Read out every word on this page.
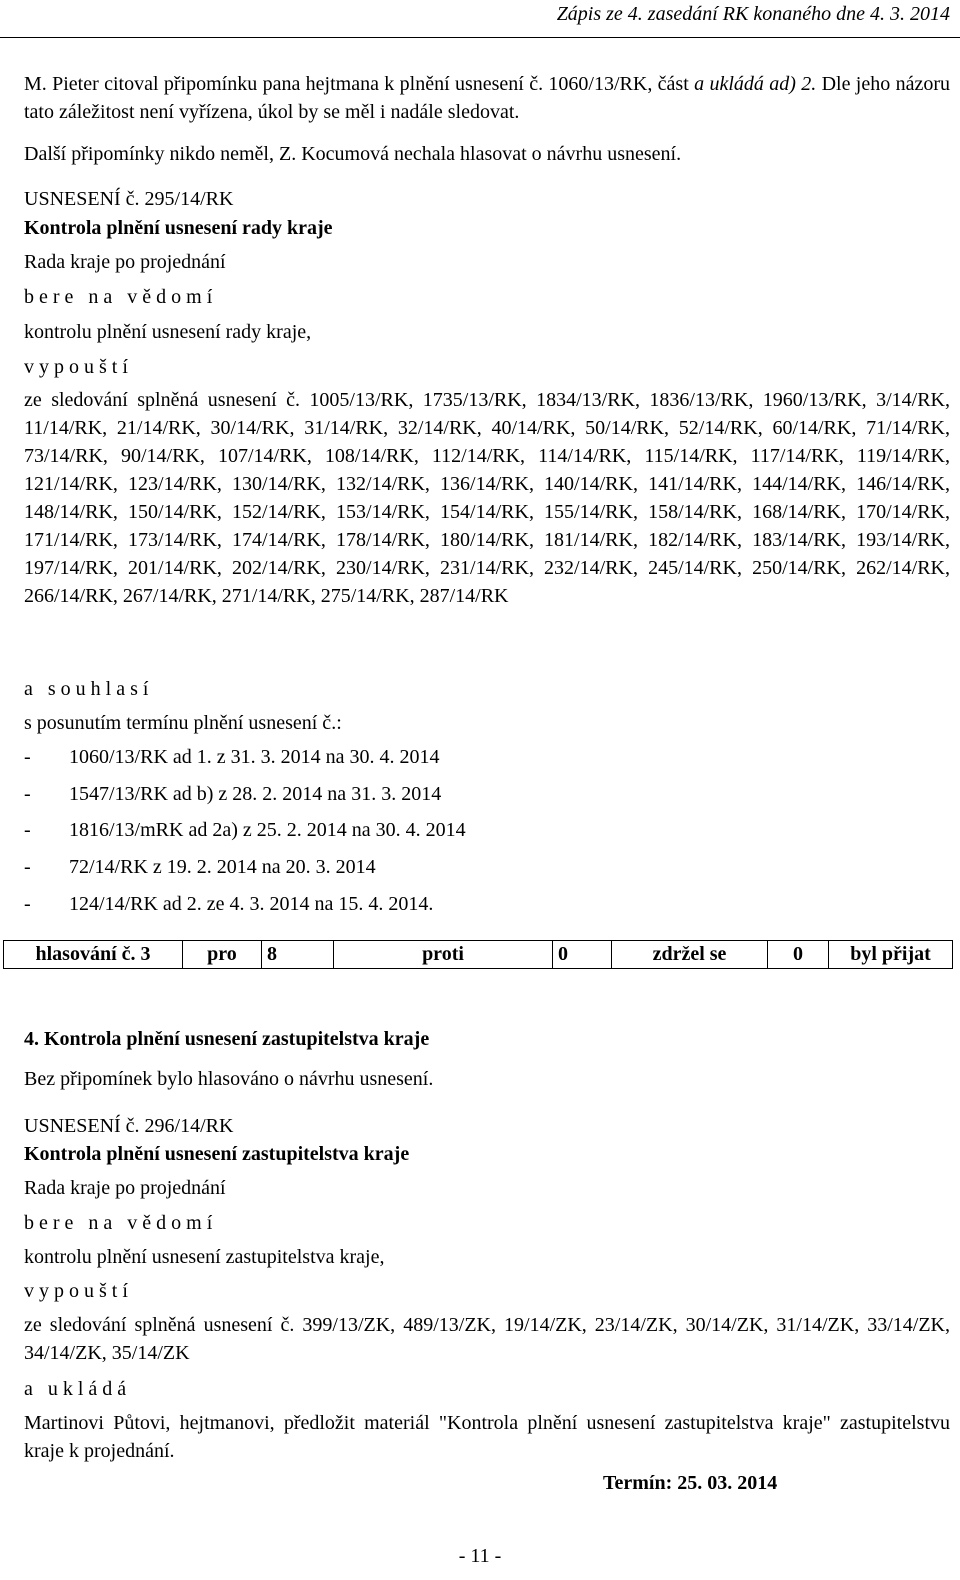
Zápis ze 4. zasedání RK konaného dne 4. 3. 2014
M. Pieter citoval připomínku pana hejtmana k plnění usnesení č. 1060/13/RK, část a ukládá ad) 2. Dle jeho názoru tato záležitost není vyřízena, úkol by se měl i nadále sledovat.
Další připomínky nikdo neměl, Z. Kocumová nechala hlasovat o návrhu usnesení.
USNESENÍ č. 295/14/RK
Kontrola plnění usnesení rady kraje
Rada kraje po projednání
bere na vědomí
kontrolu plnění usnesení rady kraje,
vypouští
ze sledování splněná usnesení č. 1005/13/RK, 1735/13/RK, 1834/13/RK, 1836/13/RK, 1960/13/RK, 3/14/RK, 11/14/RK, 21/14/RK, 30/14/RK, 31/14/RK, 32/14/RK, 40/14/RK, 50/14/RK, 52/14/RK, 60/14/RK, 71/14/RK, 73/14/RK, 90/14/RK, 107/14/RK, 108/14/RK, 112/14/RK, 114/14/RK, 115/14/RK, 117/14/RK, 119/14/RK, 121/14/RK, 123/14/RK, 130/14/RK, 132/14/RK, 136/14/RK, 140/14/RK, 141/14/RK, 144/14/RK, 146/14/RK, 148/14/RK, 150/14/RK, 152/14/RK, 153/14/RK, 154/14/RK, 155/14/RK, 158/14/RK, 168/14/RK, 170/14/RK, 171/14/RK, 173/14/RK, 174/14/RK, 178/14/RK, 180/14/RK, 181/14/RK, 182/14/RK, 183/14/RK, 193/14/RK, 197/14/RK, 201/14/RK, 202/14/RK, 230/14/RK, 231/14/RK, 232/14/RK, 245/14/RK, 250/14/RK, 262/14/RK, 266/14/RK, 267/14/RK, 271/14/RK, 275/14/RK, 287/14/RK
a souhlasí
s posunutím termínu plnění usnesení č.:
- 1060/13/RK ad 1. z 31. 3. 2014 na 30. 4. 2014
- 1547/13/RK ad b) z 28. 2. 2014 na 31. 3. 2014
- 1816/13/mRK ad 2a) z 25. 2. 2014 na 30. 4. 2014
- 72/14/RK z 19. 2. 2014 na 20. 3. 2014
- 124/14/RK ad 2. ze 4. 3. 2014 na 15. 4. 2014.
hlasování č. 3	pro	8	proti	0	zdržel se	0	byl přijat
4. Kontrola plnění usnesení zastupitelstva kraje
Bez připomínek bylo hlasováno o návrhu usnesení.
USNESENÍ č. 296/14/RK
Kontrola plnění usnesení zastupitelstva kraje
Rada kraje po projednání
bere na vědomí
kontrolu plnění usnesení zastupitelstva kraje,
vypouští
ze sledování splněná usnesení č. 399/13/ZK, 489/13/ZK, 19/14/ZK, 23/14/ZK, 30/14/ZK, 31/14/ZK, 33/14/ZK, 34/14/ZK, 35/14/ZK
a ukládá
Martinovi Půtovi, hejtmanovi, předložit materiál "Kontrola plnění usnesení zastupitelstva kraje" zastupitelstvu kraje k projednání.
Termín: 25. 03. 2014
- 11 -
